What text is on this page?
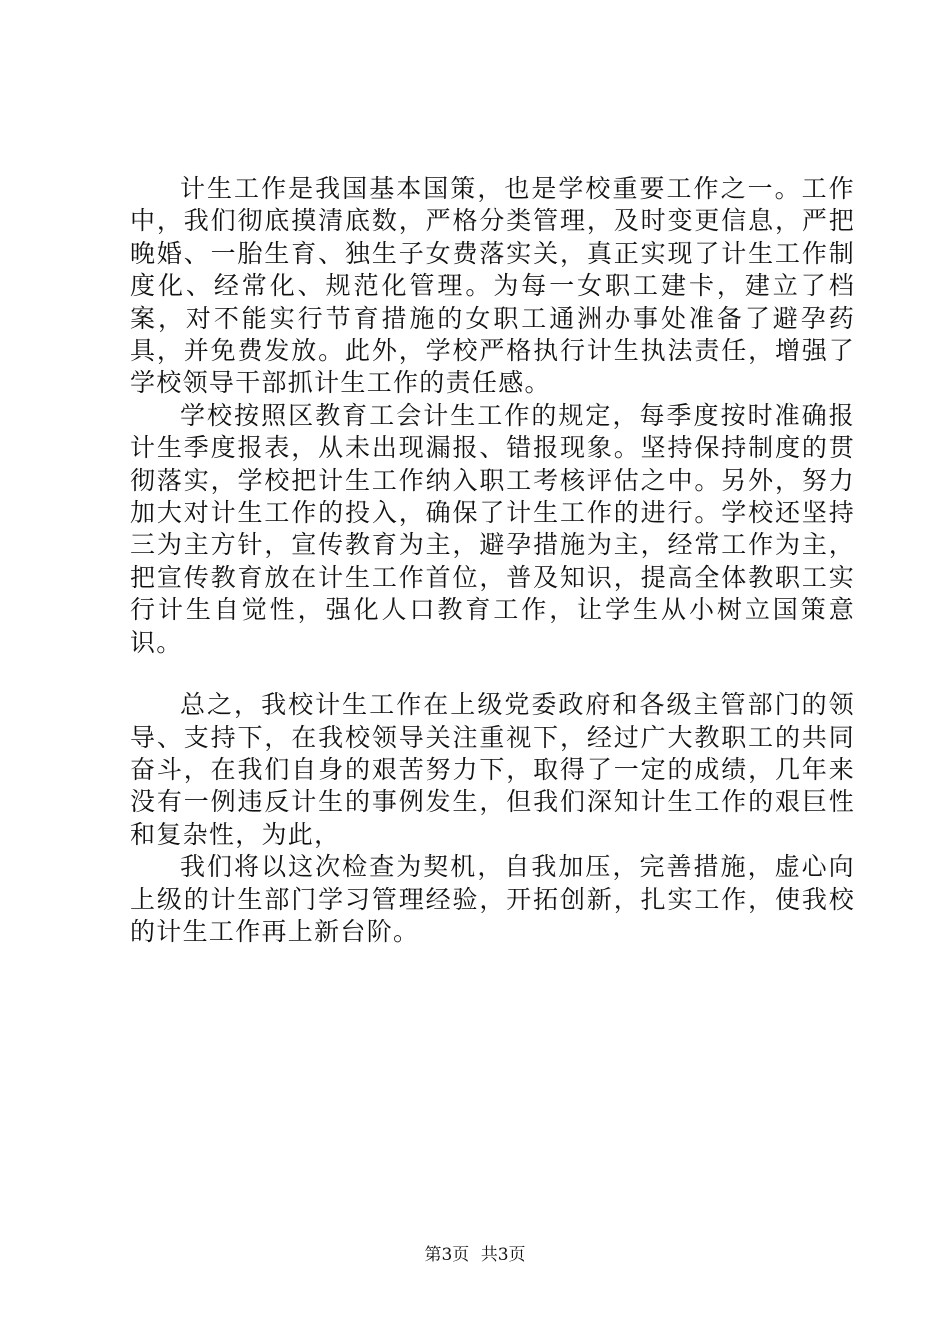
计生工作是我国基本国策，也是学校重要工作之一。工作中，我们彻底摸清底数，严格分类管理，及时变更信息，严把晚婚、一胎生育、独生子女费落实关，真正实现了计生工作制度化、经常化、规范化管理。为每一女职工建卡，建立了档案，对不能实行节育措施的女职工通洲办事处准备了避孕药具，并免费发放。此外，学校严格执行计生执法责任，增强了学校领导干部抓计生工作的责任感。

学校按照区教育工会计生工作的规定，每季度按时准确报计生季度报表，从未出现漏报、错报现象。坚持保持制度的贯彻落实，学校把计生工作纳入职工考核评估之中。另外，努力加大对计生工作的投入，确保了计生工作的进行。学校还坚持三为主方针，宣传教育为主，避孕措施为主，经常工作为主，把宣传教育放在计生工作首位，普及知识，提高全体教职工实行计生自觉性，强化人口教育工作，让学生从小树立国策意识。

总之，我校计生工作在上级党委政府和各级主管部门的领导、支持下，在我校领导关注重视下，经过广大教职工的共同奋斗，在我们自身的艰苦努力下，取得了一定的成绩，几年来没有一例违反计生的事例发生，但我们深知计生工作的艰巨性和复杂性，为此，

我们将以这次检查为契机，自我加压，完善措施，虚心向上级的计生部门学习管理经验，开拓创新，扎实工作，使我校的计生工作再上新台阶。

第3页 共3页
